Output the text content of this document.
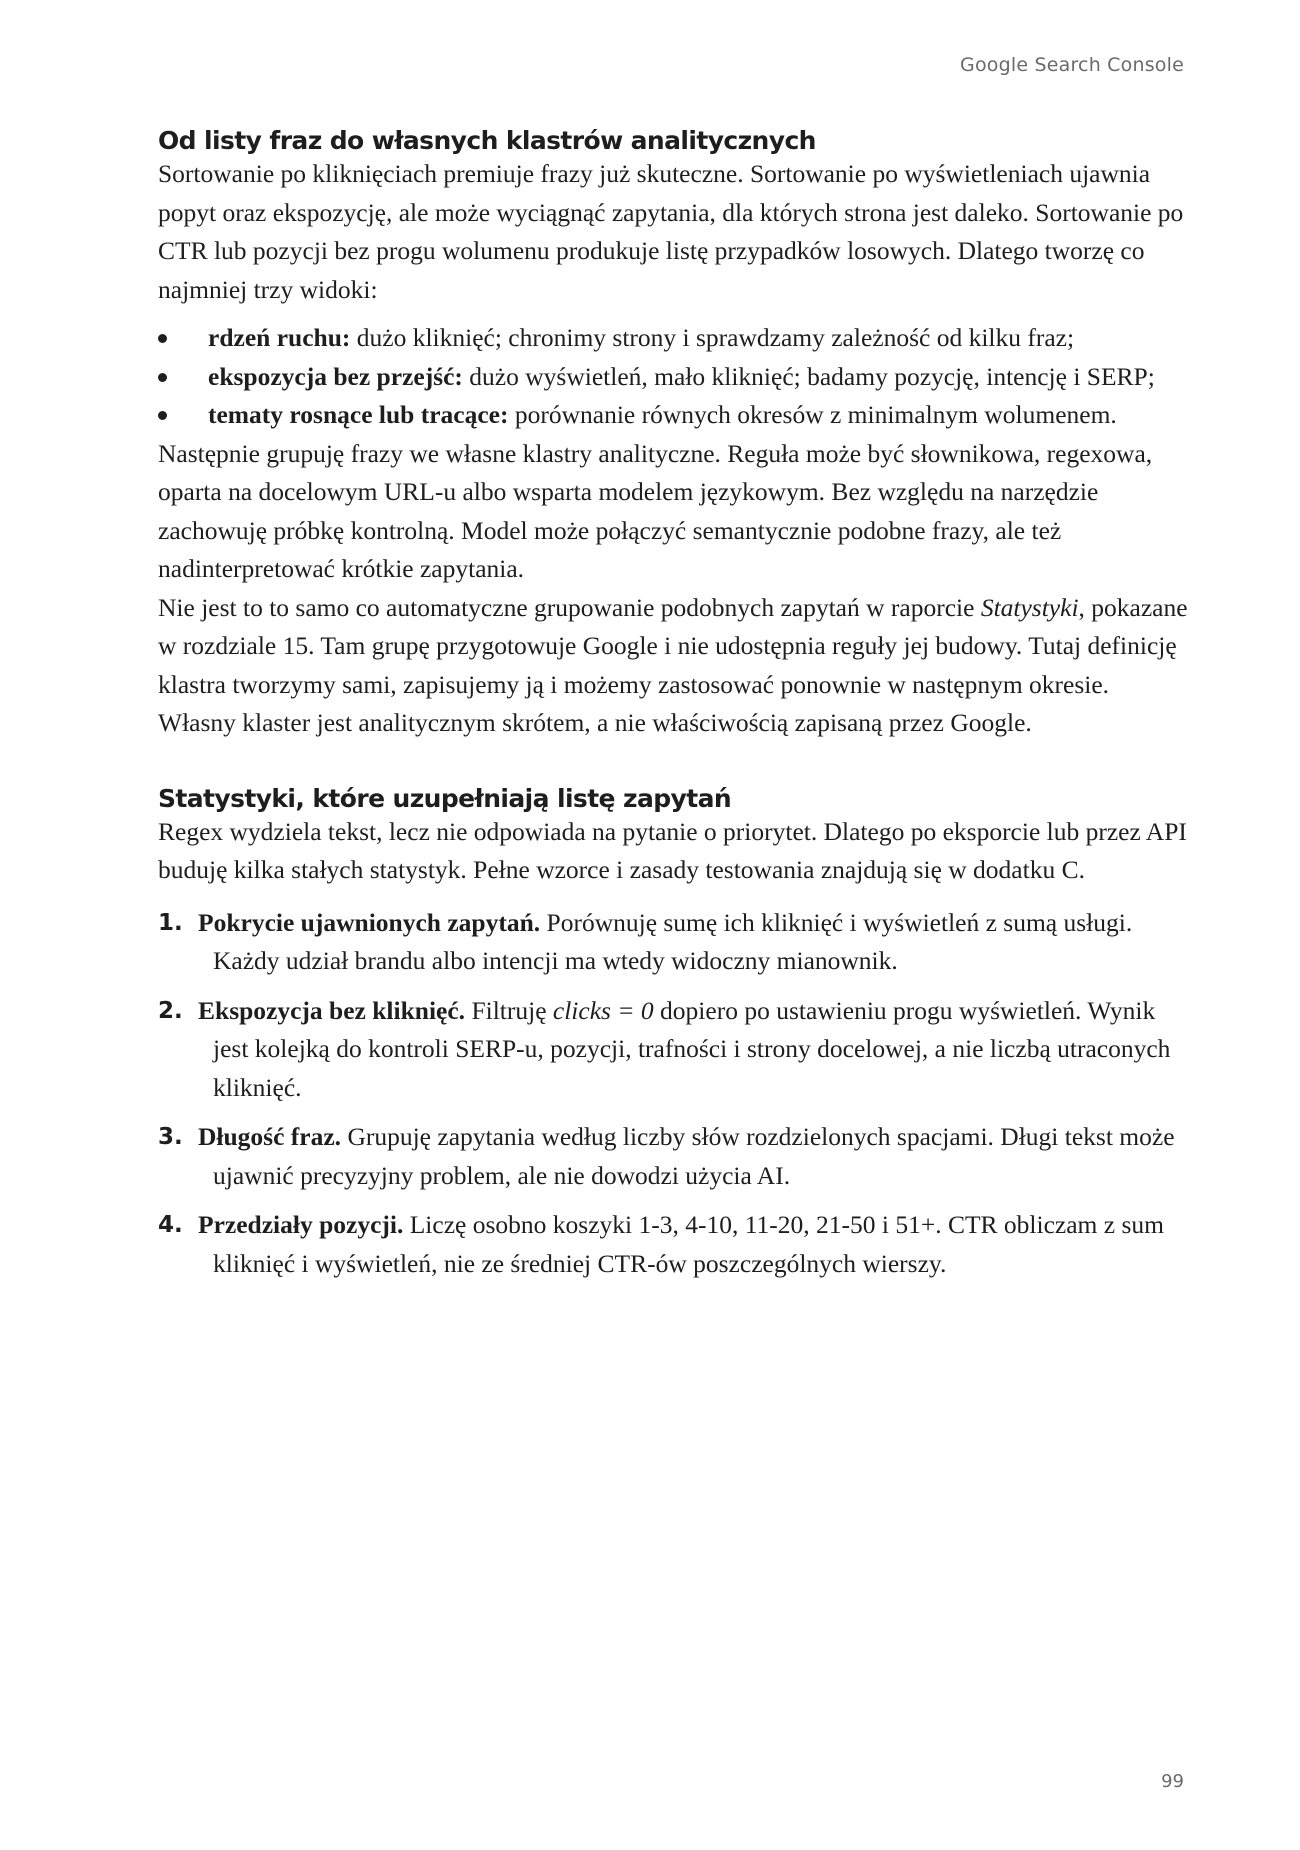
Google Search Console
Od listy fraz do własnych klastrów analitycznych

Sortowanie po kliknięciach premiuje frazy już skuteczne. Sortowanie po wyświetleniach ujawnia popyt oraz ekspozycję, ale może wyciągnąć zapytania, dla których strona jest daleko. Sortowanie po CTR lub pozycji bez progu wolumenu produkuje listę przypadków losowych. Dlatego tworzę co najmniej trzy widoki:

rdzeń ruchu: dużo kliknięć; chronimy strony i sprawdzamy zależność od kilku fraz;
ekspozycja bez przejść: dużo wyświetleń, mało kliknięć; badamy pozycję, intencję i SERP;
tematy rosnące lub tracące: porównanie równych okresów z minimalnym wolumenem.

Następnie grupuję frazy we własne klastry analityczne. Reguła może być słownikowa, regexowa, oparta na docelowym URL-u albo wsparta modelem językowym. Bez względu na narzędzie zachowuję próbkę kontrolną. Model może połączyć semantycznie podobne frazy, ale też nadinterpretować krótkie zapytania.

Nie jest to to samo co automatyczne grupowanie podobnych zapytań w raporcie Statystyki, pokazane w rozdziale 15. Tam grupę przygotowuje Google i nie udostępnia reguły jej budowy. Tutaj definicję klastra tworzymy sami, zapisujemy ją i możemy zastosować ponownie w następnym okresie. Własny klaster jest analitycznym skrótem, a nie właściwością zapisaną przez Google.

Statystyki, które uzupełniają listę zapytań

Regex wydziela tekst, lecz nie odpowiada na pytanie o priorytet. Dlatego po eksporcie lub przez API buduję kilka stałych statystyk. Pełne wzorce i zasady testowania znajdują się w dodatku C.

1. Pokrycie ujawnionych zapytań. Porównuję sumę ich kliknięć i wyświetleń z sumą usługi. Każdy udział brandu albo intencji ma wtedy widoczny mianownik.
2. Ekspozycja bez kliknięć. Filtruję clicks = 0 dopiero po ustawieniu progu wyświetleń. Wynik jest kolejką do kontroli SERP-u, pozycji, trafności i strony docelowej, a nie liczbą utraconych kliknięć.
3. Długość fraz. Grupuję zapytania według liczby słów rozdzielonych spacjami. Długi tekst może ujawnić precyzyjny problem, ale nie dowodzi użycia AI.
4. Przedziały pozycji. Liczę osobno koszyki 1-3, 4-10, 11-20, 21-50 i 51+. CTR obliczam z sum kliknięć i wyświetleń, nie ze średniej CTR-ów poszczególnych wierszy.
99
